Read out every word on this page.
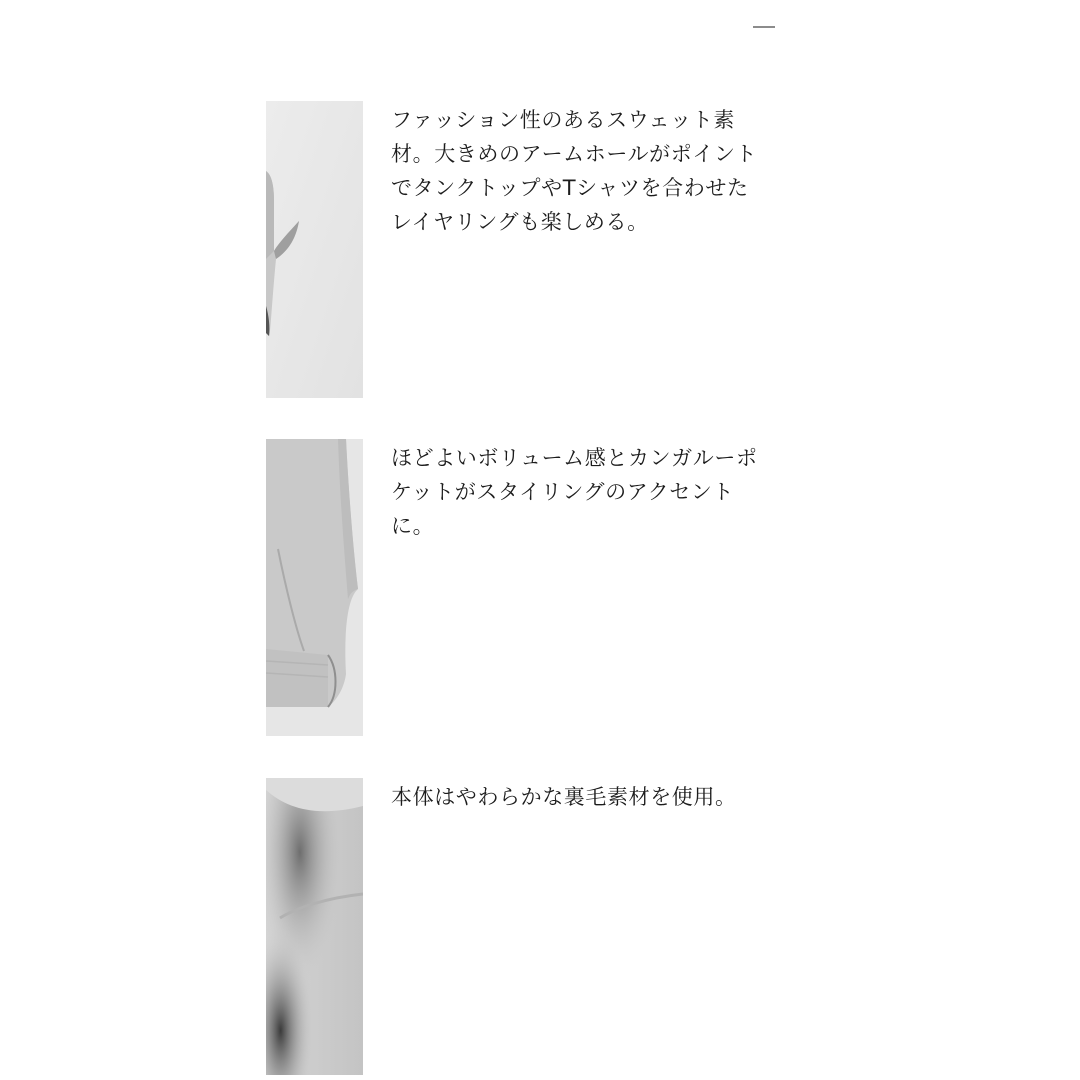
ファッション性のあるスウェット素
材。大きめのアームホールがポイント
でタンクトップやTシャツを合わせた
レイヤリングも楽しめる。

ほどよいボリューム感とカンガルーポ
ケットがスタイリングのアクセント
に。

本体はやわらかな裏毛素材を使用。
